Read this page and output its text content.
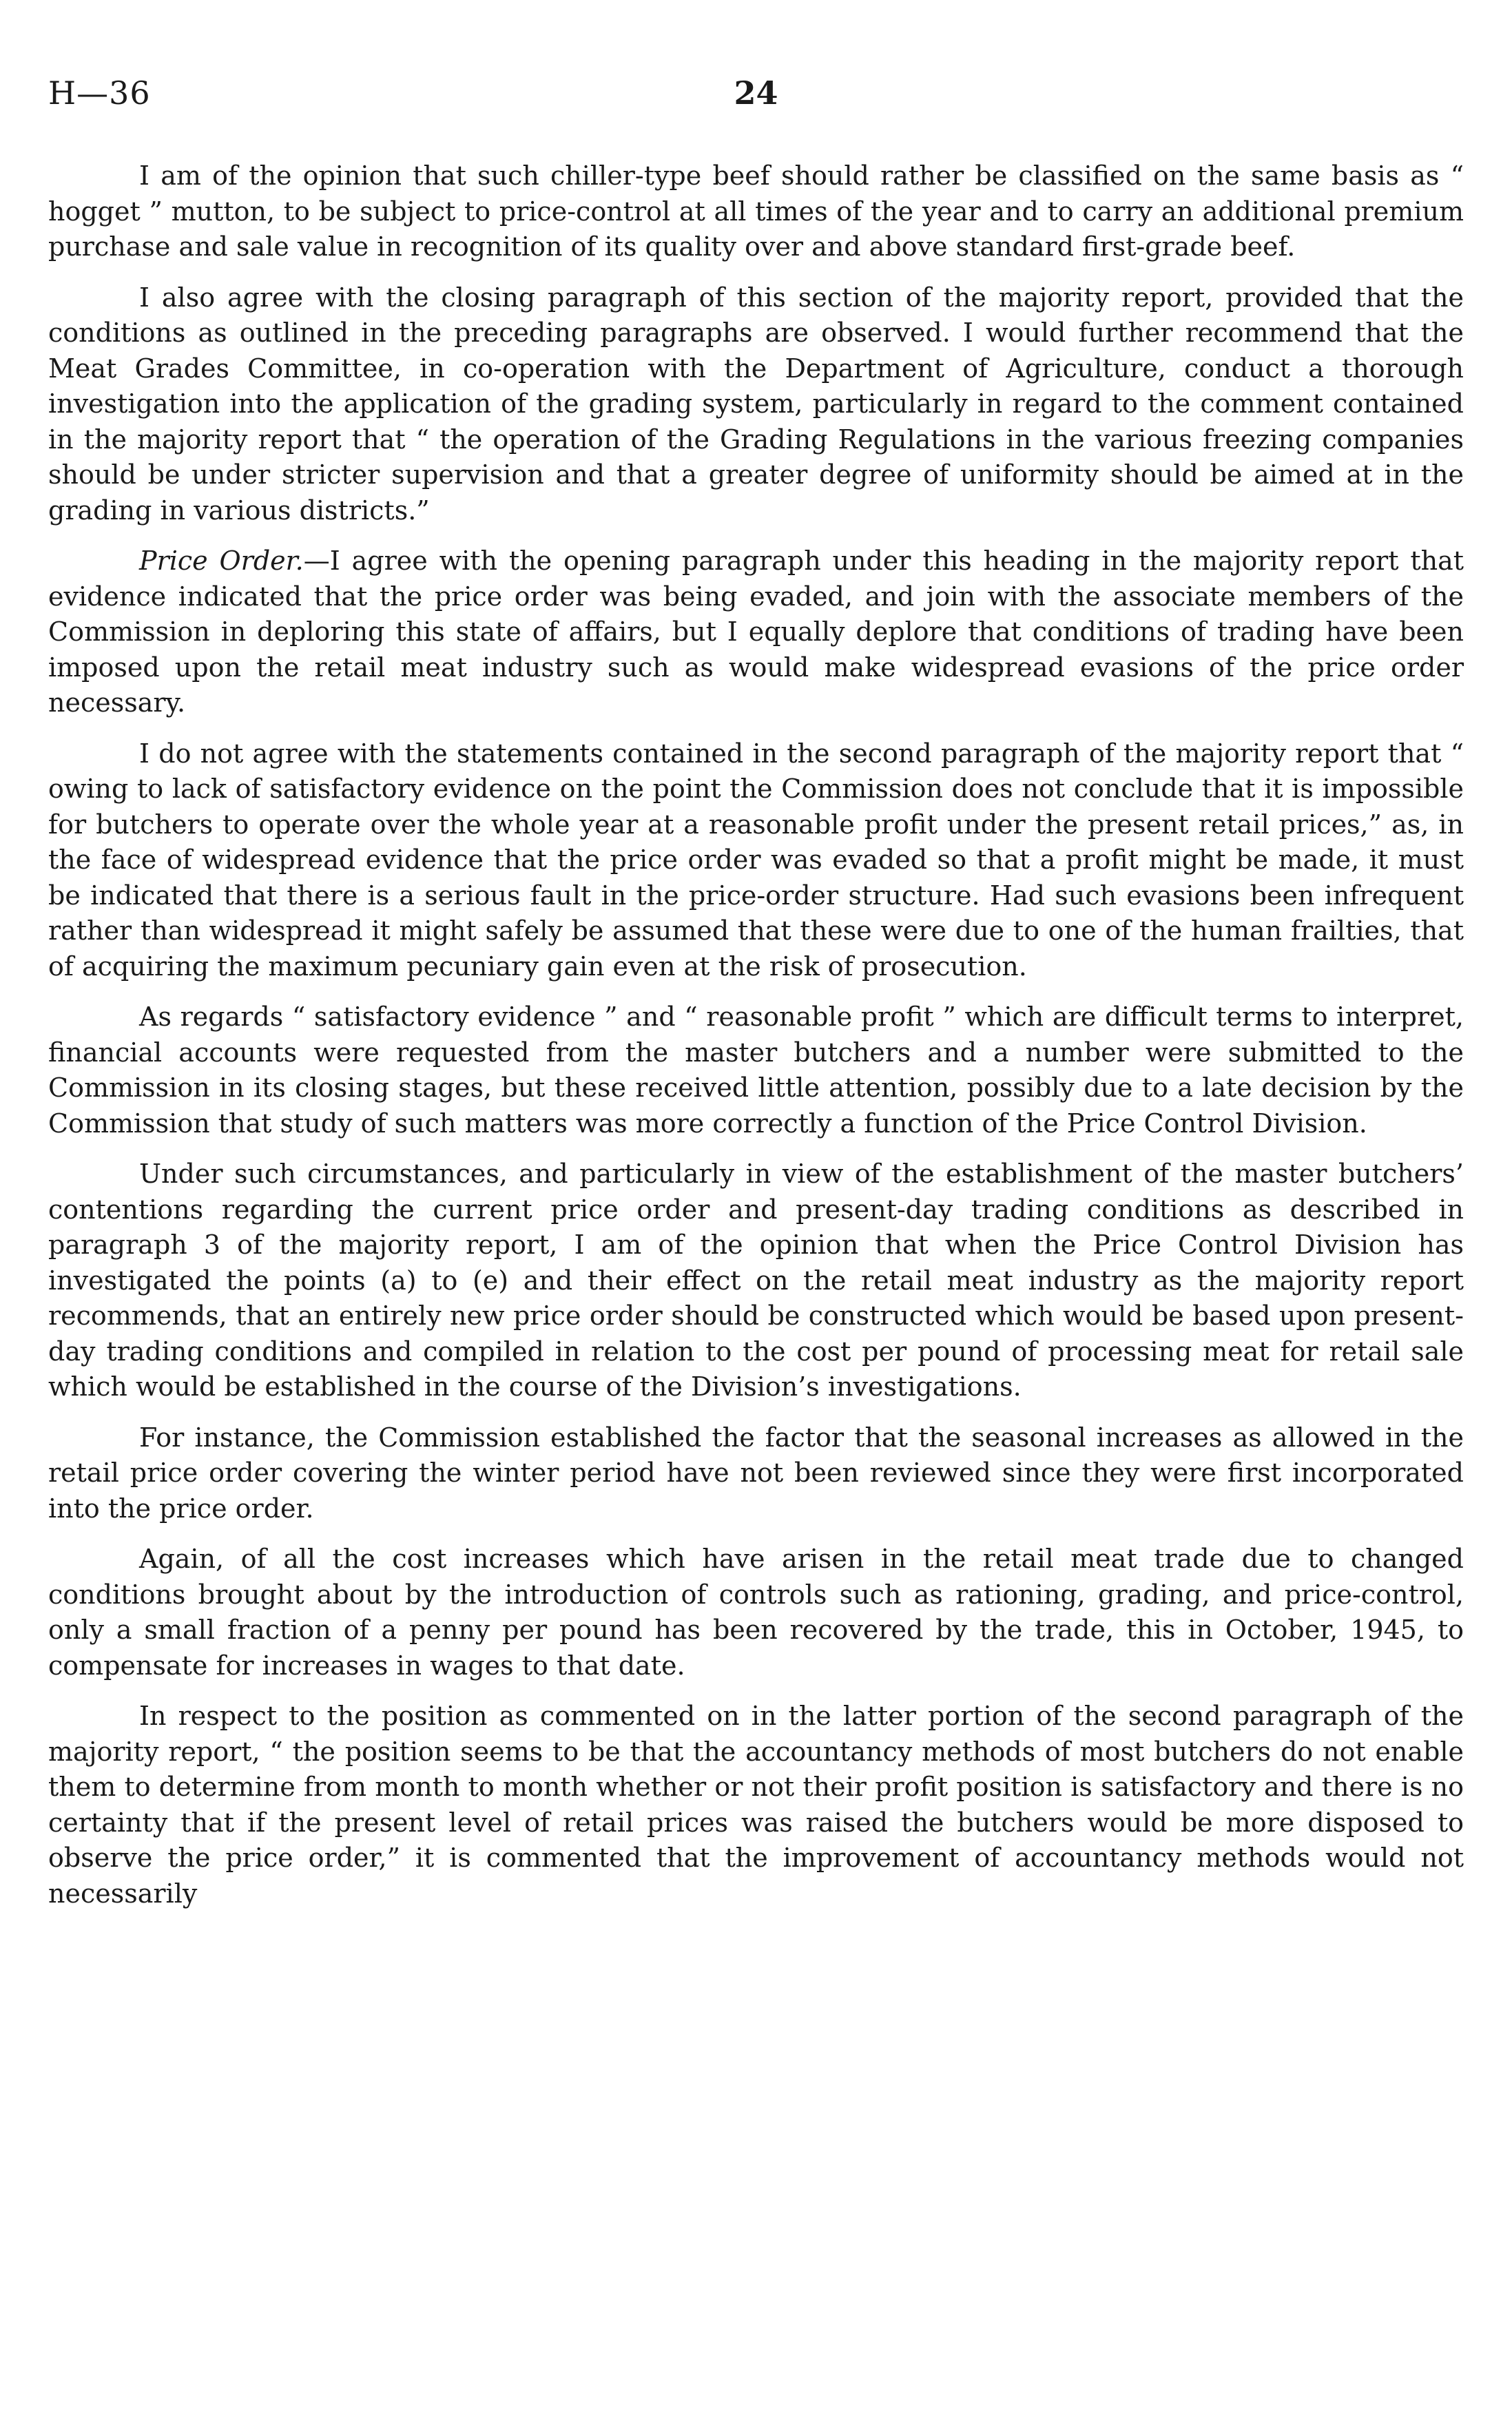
24
H—36

I am of the opinion that such chiller-type beef should rather be classified on the same basis as “ hogget ” mutton, to be subject to price-control at all times of the year and to carry an additional premium purchase and sale value in recognition of its quality over and above standard first-grade beef.

I also agree with the closing paragraph of this section of the majority report, provided that the conditions as outlined in the preceding paragraphs are observed. I would further recommend that the Meat Grades Committee, in co-operation with the Department of Agriculture, conduct a thorough investigation into the application of the grading system, particularly in regard to the comment contained in the majority report that “ the operation of the Grading Regulations in the various freezing companies should be under stricter supervision and that a greater degree of uniformity should be aimed at in the grading in various districts.”

Price Order.—I agree with the opening paragraph under this heading in the majority report that evidence indicated that the price order was being evaded, and join with the associate members of the Commission in deploring this state of affairs, but I equally deplore that conditions of trading have been imposed upon the retail meat industry such as would make widespread evasions of the price order necessary.

I do not agree with the statements contained in the second paragraph of the majority report that “ owing to lack of satisfactory evidence on the point the Commission does not conclude that it is impossible for butchers to operate over the whole year at a reasonable profit under the present retail prices,” as, in the face of widespread evidence that the price order was evaded so that a profit might be made, it must be indicated that there is a serious fault in the price-order structure. Had such evasions been infrequent rather than widespread it might safely be assumed that these were due to one of the human frailties, that of acquiring the maximum pecuniary gain even at the risk of prosecution.

As regards “ satisfactory evidence ” and “ reasonable profit ” which are difficult terms to interpret, financial accounts were requested from the master butchers and a number were submitted to the Commission in its closing stages, but these received little attention, possibly due to a late decision by the Commission that study of such matters was more correctly a function of the Price Control Division.

Under such circumstances, and particularly in view of the establishment of the master butchers’ contentions regarding the current price order and present-day trading conditions as described in paragraph 3 of the majority report, I am of the opinion that when the Price Control Division has investigated the points (a) to (e) and their effect on the retail meat industry as the majority report recommends, that an entirely new price order should be constructed which would be based upon present-day trading conditions and compiled in relation to the cost per pound of processing meat for retail sale which would be established in the course of the Division’s investigations.

For instance, the Commission established the factor that the seasonal increases as allowed in the retail price order covering the winter period have not been reviewed since they were first incorporated into the price order.

Again, of all the cost increases which have arisen in the retail meat trade due to changed conditions brought about by the introduction of controls such as rationing, grading, and price-control, only a small fraction of a penny per pound has been recovered by the trade, this in October, 1945, to compensate for increases in wages to that date.

In respect to the position as commented on in the latter portion of the second paragraph of the majority report, “ the position seems to be that the accountancy methods of most butchers do not enable them to determine from month to month whether or not their profit position is satisfactory and there is no certainty that if the present level of retail prices was raised the butchers would be more disposed to observe the price order,” it is commented that the improvement of accountancy methods would not necessarily
